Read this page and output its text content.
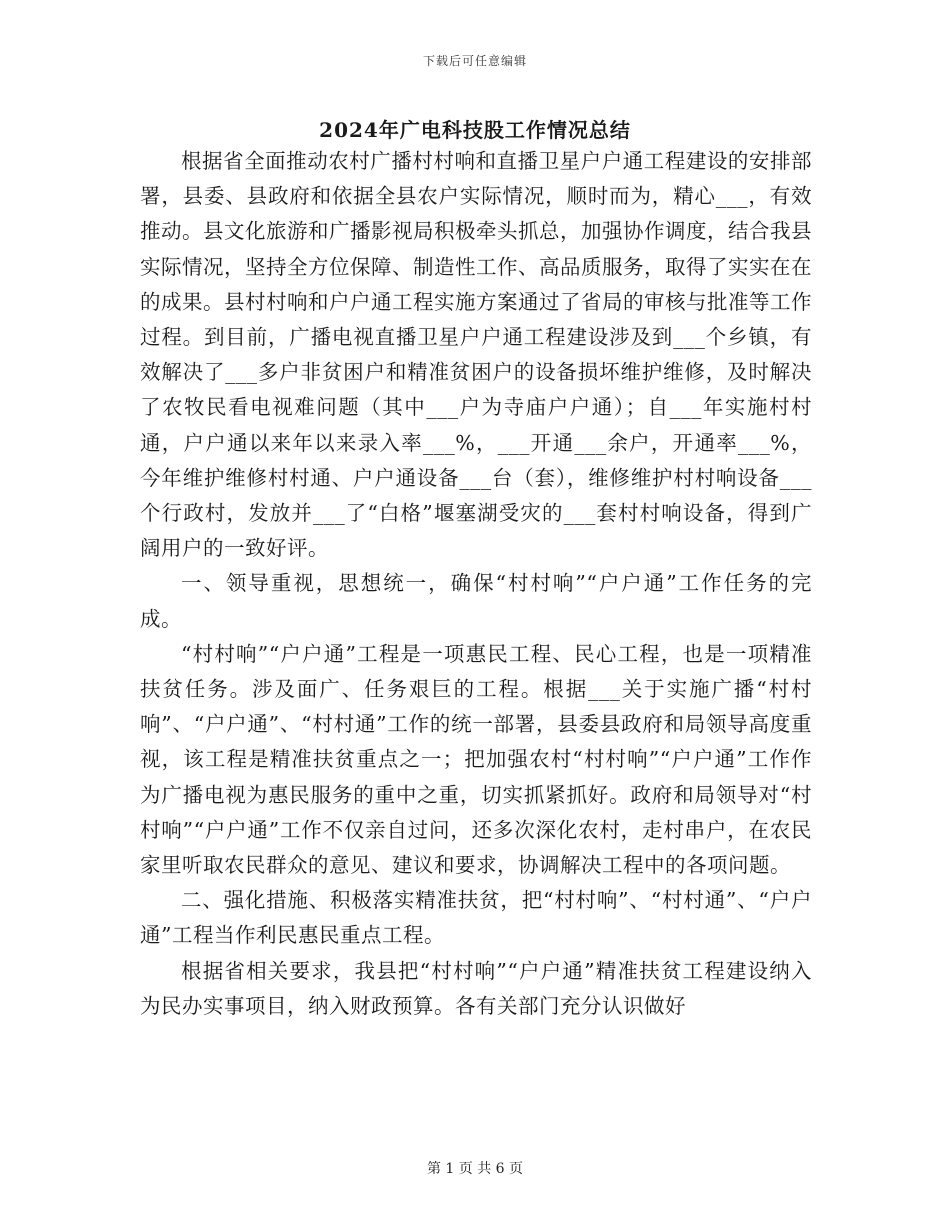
下载后可任意编辑
2024年广电科技股工作情况总结

根据省全面推动农村广播村村响和直播卫星户户通工程建设的安排部署，县委、县政府和依据全县农户实际情况，顺时而为，精心___，有效推动。县文化旅游和广播影视局积极牵头抓总，加强协作调度，结合我县实际情况，坚持全方位保障、制造性工作、高品质服务，取得了实实在在的成果。县村村响和户户通工程实施方案通过了省局的审核与批准等工作过程。到目前，广播电视直播卫星户户通工程建设涉及到___个乡镇，有效解决了___多户非贫困户和精准贫困户的设备损坏维护维修，及时解决了农牧民看电视难问题（其中___户为寺庙户户通）；自___年实施村村通，户户通以来年以来录入率___%，___开通___余户，开通率___%，今年维护维修村村通、户户通设备___台（套），维修维护村村响设备___个行政村，发放并___了“白格”堰塞湖受灾的___套村村响设备，得到广阔用户的一致好评。

一、领导重视，思想统一，确保“村村响”“户户通”工作任务的完成。

“村村响”“户户通”工程是一项惠民工程、民心工程，也是一项精准扶贫任务。涉及面广、任务艰巨的工程。根据___关于实施广播“村村响”、“户户通”、“村村通”工作的统一部署，县委县政府和局领导高度重视，该工程是精准扶贫重点之一；把加强农村“村村响”“户户通”工作作为广播电视为惠民服务的重中之重，切实抓紧抓好。政府和局领导对“村村响”“户户通”工作不仅亲自过问，还多次深化农村，走村串户，在农民家里听取农民群众的意见、建议和要求，协调解决工程中的各项问题。

二、强化措施、积极落实精准扶贫，把“村村响”、“村村通”、“户户通”工程当作利民惠民重点工程。

根据省相关要求，我县把“村村响”“户户通”精准扶贫工程建设纳入为民办实事项目，纳入财政预算。各有关部门充分认识做好

第 1 页 共 6 页
